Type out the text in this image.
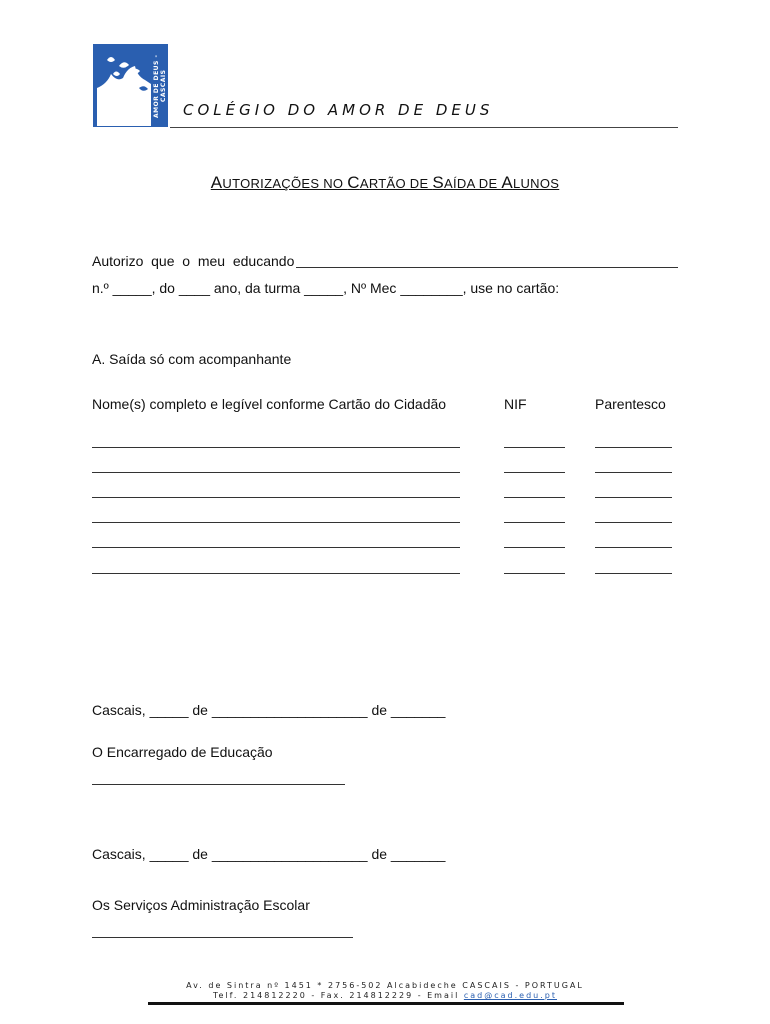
AMOR DE DEUS - CASCAIS
COLÉGIO DO AMOR DE DEUS
AUTORIZAÇÕES NO CARTÃO DE SAÍDA DE ALUNOS
Autorizo  que  o  meu  educando
n.º _____, do ____ ano, da turma _____, Nº Mec ________, use no cartão:
A. Saída só com acompanhante
Nome(s) completo e legível conforme Cartão do Cidadão	NIF	Parentesco
Cascais, _____ de ____________________ de _______
O Encarregado de Educação
Cascais, _____ de ____________________ de _______
Os Serviços Administração Escolar
Av. de Sintra nº 1451 * 2756-502 Alcabideche CASCAIS - PORTUGAL
Telf. 214812220 - Fax. 214812229 - Email cad@cad.edu.pt
